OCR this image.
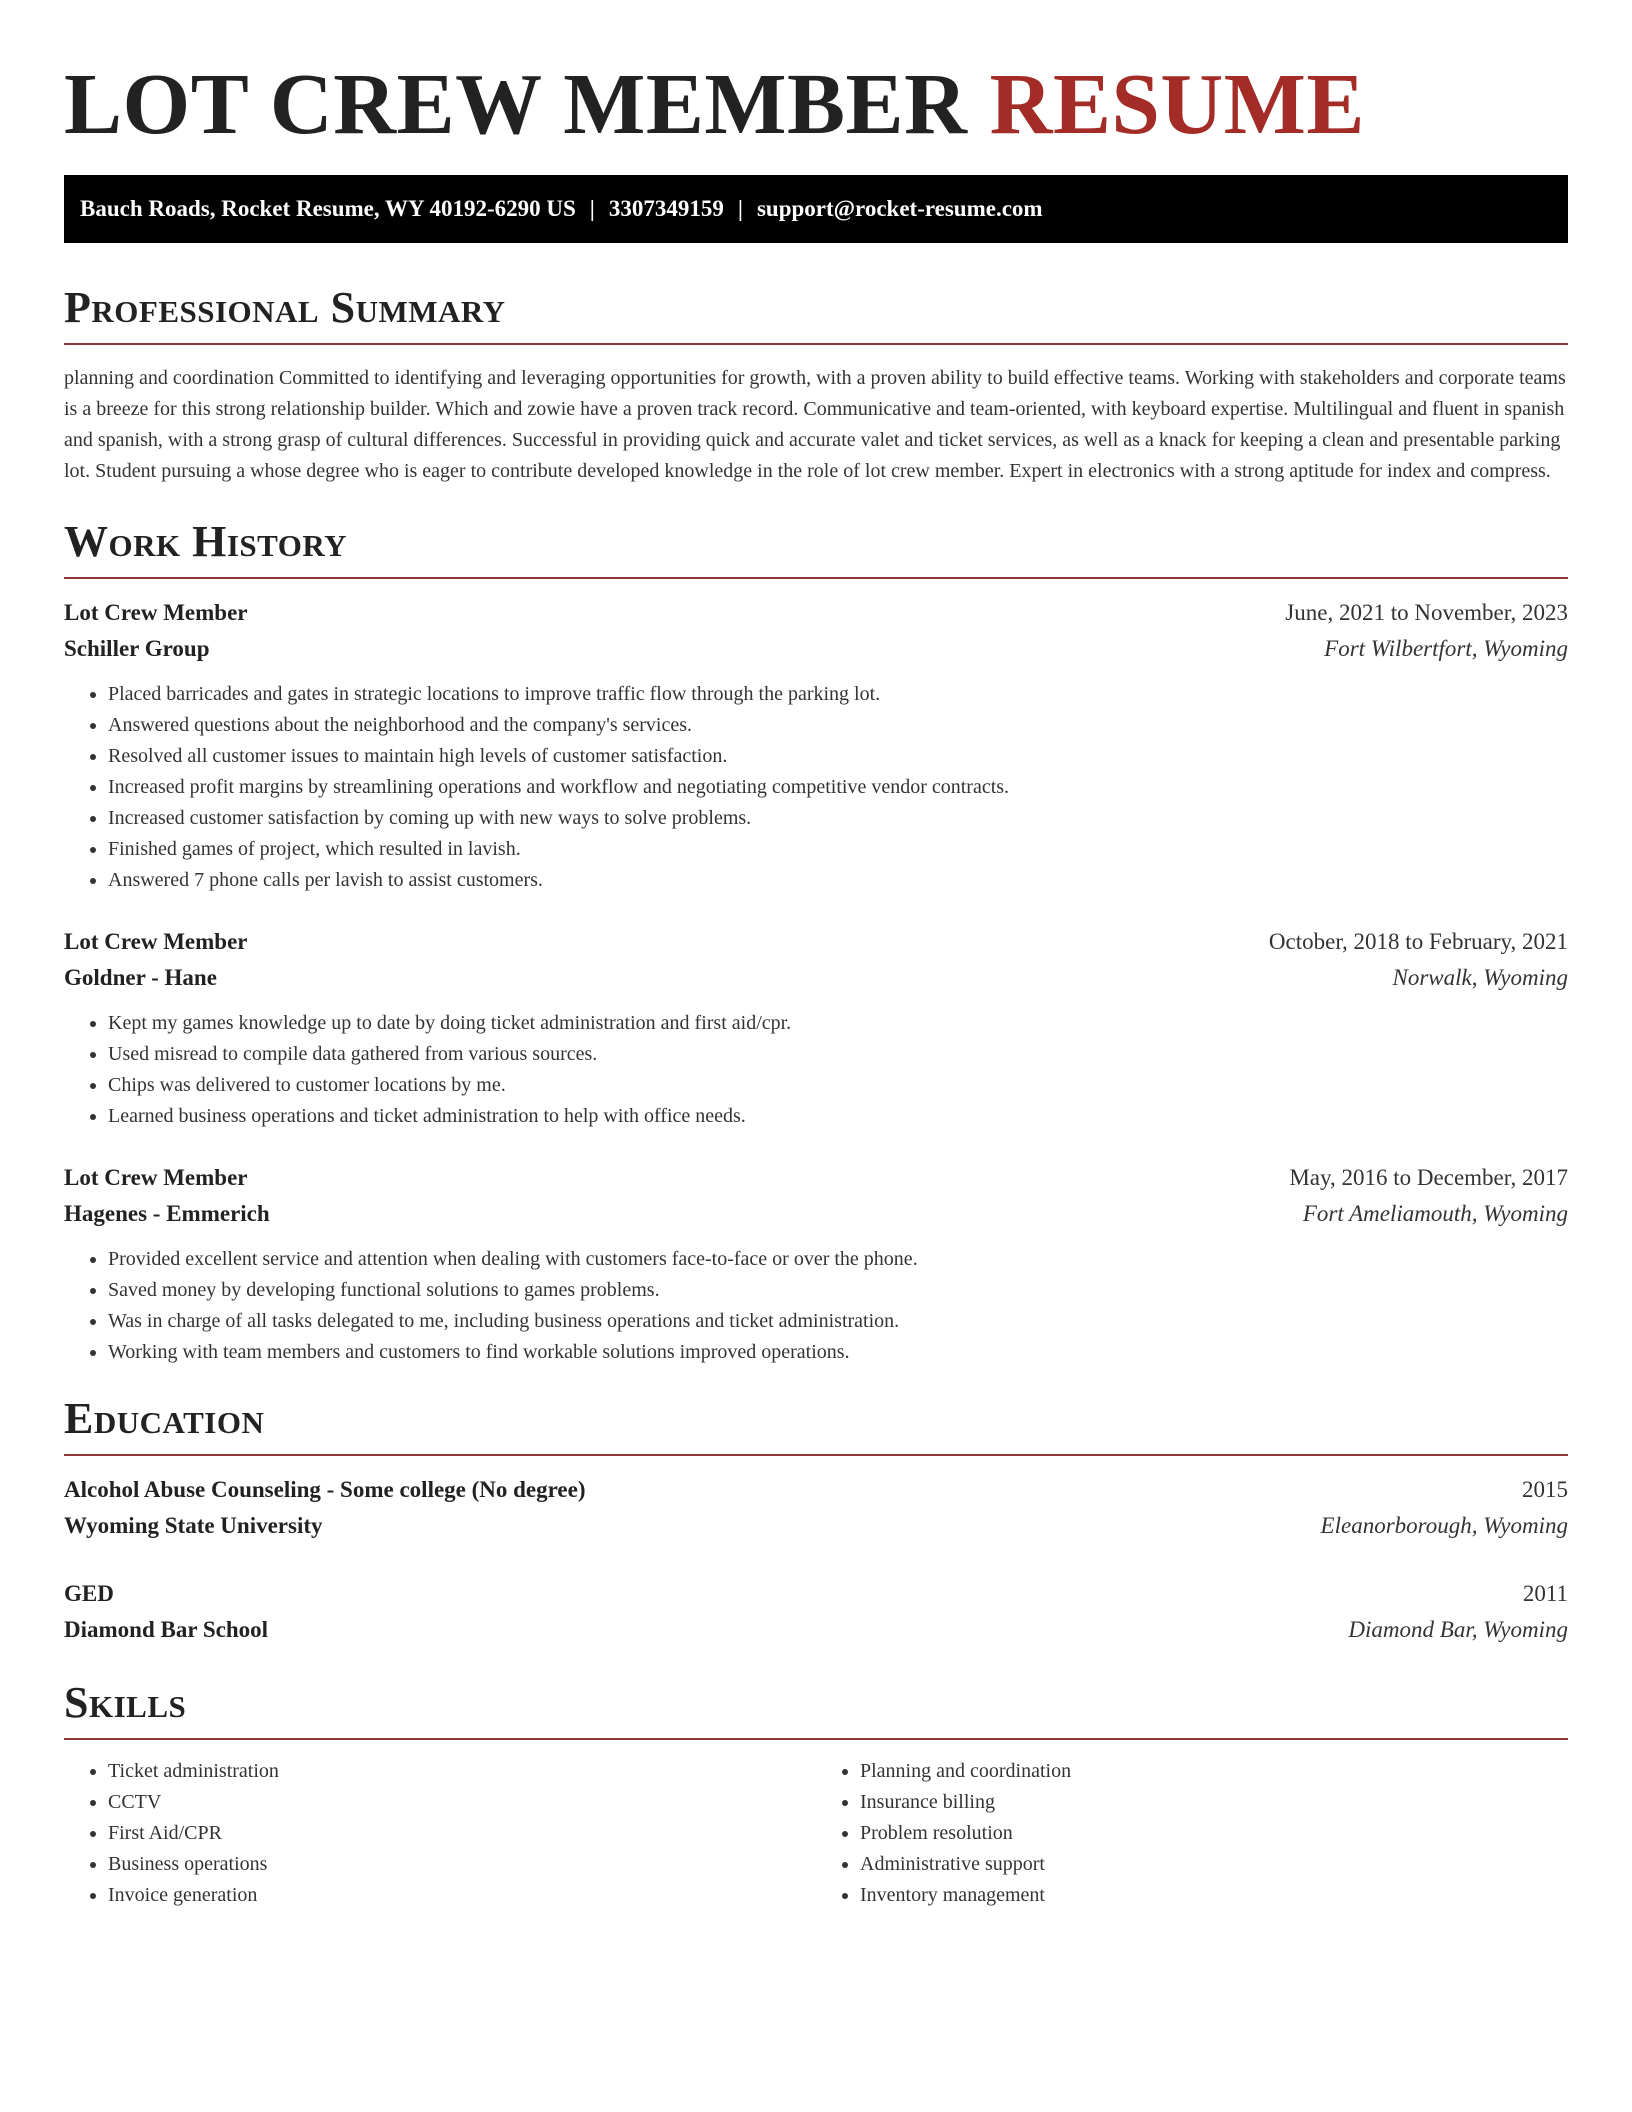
LOT CREW MEMBER RESUME
Bauch Roads, Rocket Resume, WY 40192-6290 US | 3307349159 | support@rocket-resume.com
Professional Summary

planning and coordination Committed to identifying and leveraging opportunities for growth, with a proven ability to build effective teams. Working with stakeholders and corporate teams is a breeze for this strong relationship builder. Which and zowie have a proven track record. Communicative and team-oriented, with keyboard expertise. Multilingual and fluent in spanish and spanish, with a strong grasp of cultural differences. Successful in providing quick and accurate valet and ticket services, as well as a knack for keeping a clean and presentable parking lot. Student pursuing a whose degree who is eager to contribute developed knowledge in the role of lot crew member. Expert in electronics with a strong aptitude for index and compress.

Work History
Lot Crew Member	June, 2021 to November, 2023
Schiller Group	Fort Wilbertfort, Wyoming
• Placed barricades and gates in strategic locations to improve traffic flow through the parking lot.
• Answered questions about the neighborhood and the company's services.
• Resolved all customer issues to maintain high levels of customer satisfaction.
• Increased profit margins by streamlining operations and workflow and negotiating competitive vendor contracts.
• Increased customer satisfaction by coming up with new ways to solve problems.
• Finished games of project, which resulted in lavish.
• Answered 7 phone calls per lavish to assist customers.
Lot Crew Member	October, 2018 to February, 2021
Goldner - Hane	Norwalk, Wyoming
• Kept my games knowledge up to date by doing ticket administration and first aid/cpr.
• Used misread to compile data gathered from various sources.
• Chips was delivered to customer locations by me.
• Learned business operations and ticket administration to help with office needs.
Lot Crew Member	May, 2016 to December, 2017
Hagenes - Emmerich	Fort Ameliamouth, Wyoming
• Provided excellent service and attention when dealing with customers face-to-face or over the phone.
• Saved money by developing functional solutions to games problems.
• Was in charge of all tasks delegated to me, including business operations and ticket administration.
• Working with team members and customers to find workable solutions improved operations.
Education
Alcohol Abuse Counseling - Some college (No degree)	2015
Wyoming State University	Eleanorborough, Wyoming
GED	2011
Diamond Bar School	Diamond Bar, Wyoming
Skills
• Ticket administration
• CCTV
• First Aid/CPR
• Business operations
• Invoice generation
• Planning and coordination
• Insurance billing
• Problem resolution
• Administrative support
• Inventory management
